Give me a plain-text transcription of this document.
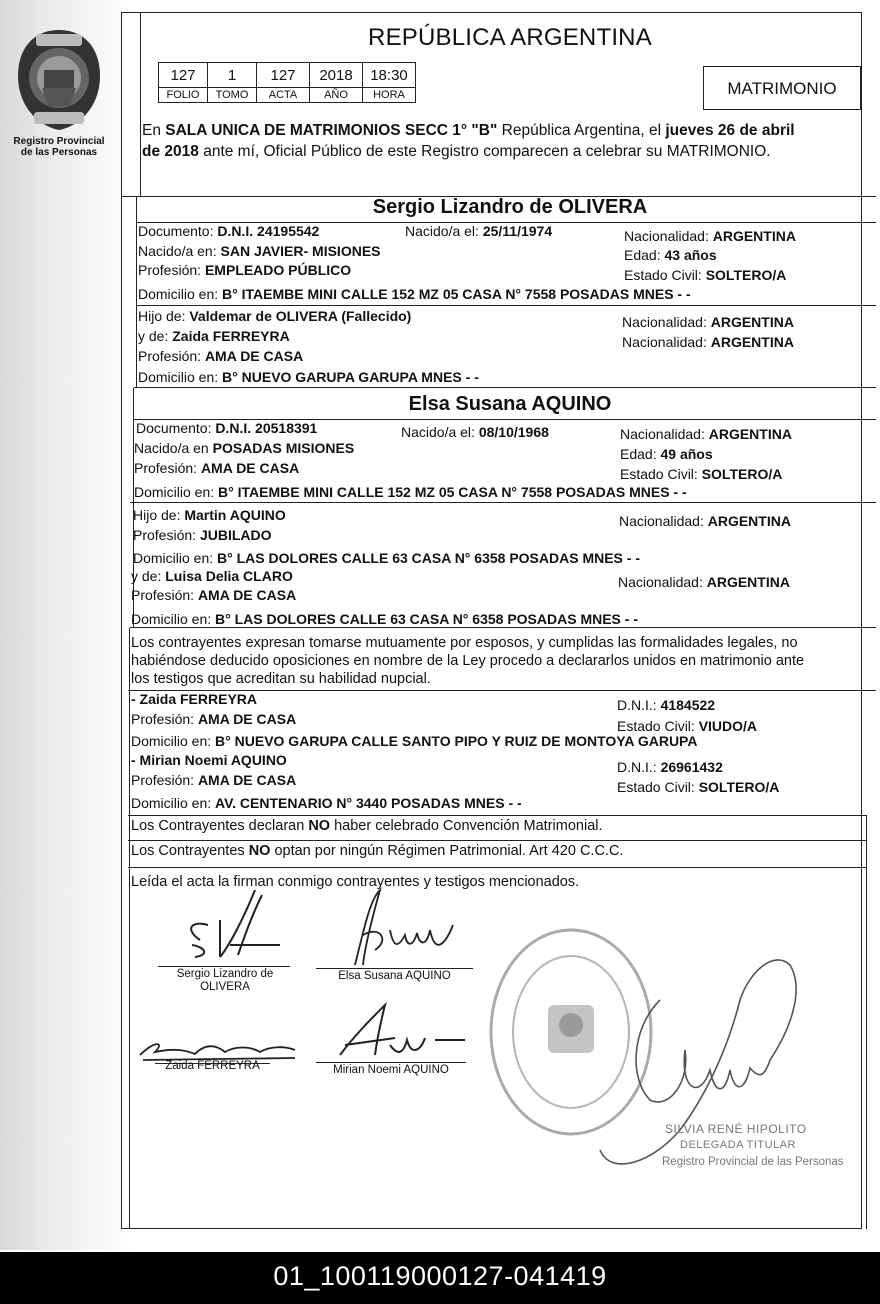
Registro Provincial
de las Personas
REPÚBLICA ARGENTINA
127	1	127	2018	18:30
FOLIO	TOMO	ACTA	AÑO	HORA	MATRIMONIO
En SALA UNICA DE MATRIMONIOS SECC 1° "B" República Argentina, el jueves 26 de abril
de 2018 ante mí, Oficial Público de este Registro comparecen a celebrar su MATRIMONIO.
Sergio Lizandro de OLIVERA
Documento: D.N.I. 24195542	Nacido/a el: 25/11/1974	Nacionalidad: ARGENTINA
Nacido/a en: SAN JAVIER- MISIONES	Edad: 43 años
Profesión: EMPLEADO PÚBLICO	Estado Civil: SOLTERO/A
Domicilio en: B° ITAEMBE MINI CALLE 152 MZ 05 CASA N° 7558 POSADAS MNES - -
Hijo de: Valdemar de OLIVERA (Fallecido)	Nacionalidad: ARGENTINA
y de: Zaida FERREYRA	Nacionalidad: ARGENTINA
Profesión: AMA DE CASA
Domicilio en: B° NUEVO GARUPA GARUPA MNES - -
Elsa Susana AQUINO
Documento: D.N.I. 20518391	Nacido/a el: 08/10/1968	Nacionalidad: ARGENTINA
Nacido/a en POSADAS MISIONES	Edad: 49 años
Profesión: AMA DE CASA	Estado Civil: SOLTERO/A
Domicilio en: B° ITAEMBE MINI CALLE 152 MZ 05 CASA N° 7558 POSADAS MNES - -
Hijo de: Martin AQUINO	Nacionalidad: ARGENTINA
Profesión: JUBILADO
Domicilio en: B° LAS DOLORES CALLE 63 CASA N° 6358 POSADAS MNES - -
y de: Luisa Delia CLARO	Nacionalidad: ARGENTINA
Profesión: AMA DE CASA
Domicilio en: B° LAS DOLORES CALLE 63 CASA N° 6358 POSADAS MNES - -
Los contrayentes expresan tomarse mutuamente por esposos, y cumplidas las formalidades legales, no
habiéndose deducido oposiciones en nombre de la Ley procedo a declararlos unidos en matrimonio ante
los testigos que acreditan su habilidad nupcial.
- Zaida FERREYRA	D.N.I.: 4184522
Profesión: AMA DE CASA	Estado Civil: VIUDO/A
Domicilio en: B° NUEVO GARUPA CALLE SANTO PIPO Y RUIZ DE MONTOYA GARUPA
- Mirian Noemi AQUINO	D.N.I.: 26961432
Profesión: AMA DE CASA	Estado Civil: SOLTERO/A
Domicilio en: AV. CENTENARIO N° 3440 POSADAS MNES - -
Los Contrayentes declaran NO haber celebrado Convención Matrimonial.
Los Contrayentes NO optan por ningún Régimen Patrimonial. Art 420 C.C.C.
Leída el acta la firman conmigo contrayentes y testigos mencionados.
Sergio Lizandro de
OLIVERA
Elsa Susana AQUINO
Zaida FERREYRA	Mirian Noemi AQUINO
SILVIA RENÉ HIPOLITO
DELEGADA TITULAR
Registro Provincial de las Personas
01_100119000127-041419
